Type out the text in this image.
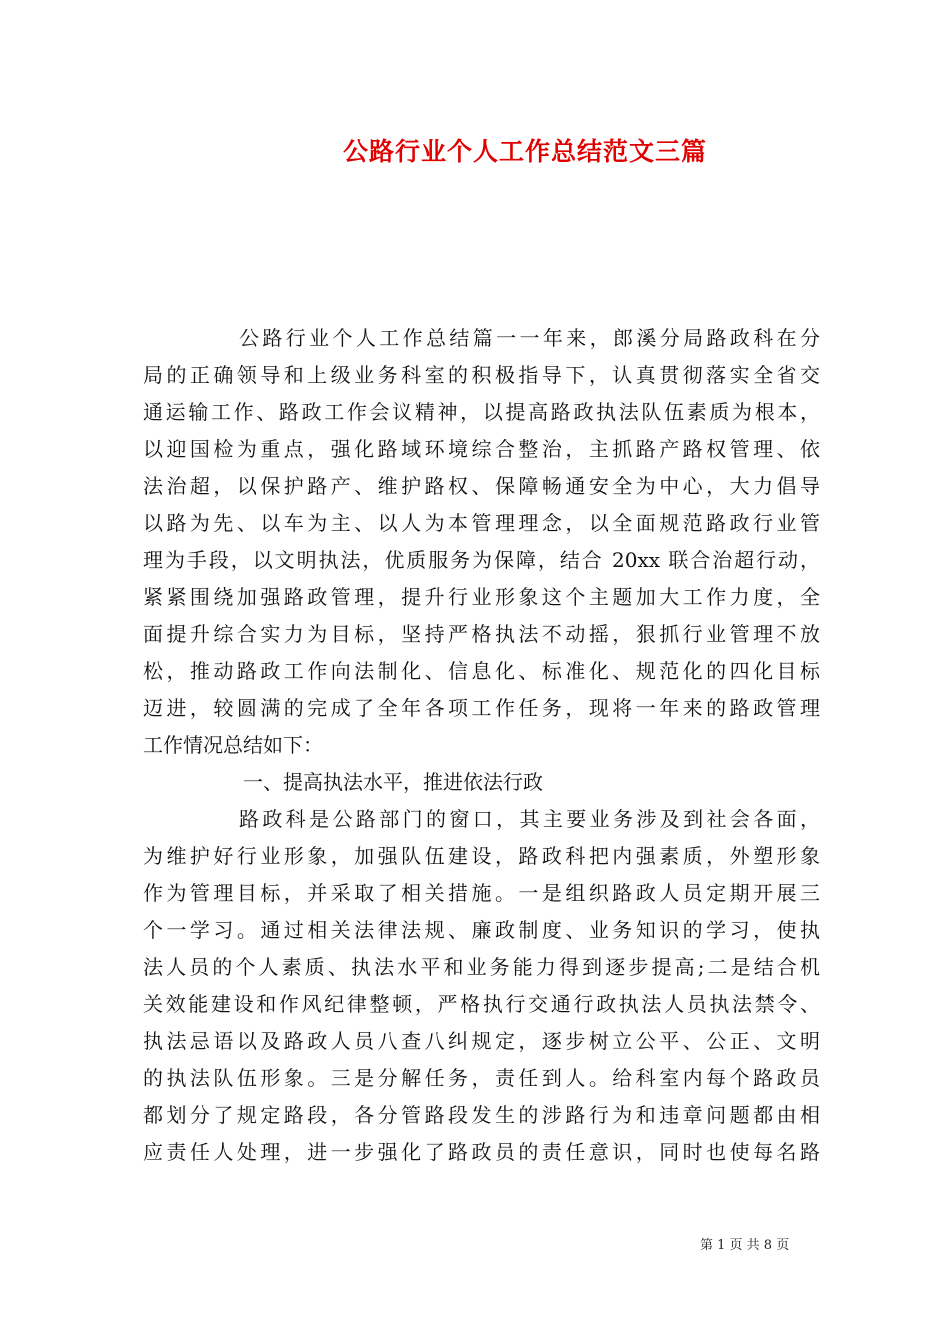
公路行业个人工作总结范文三篇
公路行业个人工作总结篇一一年来，郎溪分局路政科在分
局的正确领导和上级业务科室的积极指导下，认真贯彻落实全省交
通运输工作、路政工作会议精神，以提高路政执法队伍素质为根本，
以迎国检为重点，强化路域环境综合整治，主抓路产路权管理、依
法治超，以保护路产、维护路权、保障畅通安全为中心，大力倡导
以路为先、以车为主、以人为本管理理念，以全面规范路政行业管
理为手段，以文明执法，优质服务为保障，结合 20xx 联合治超行动，
紧紧围绕加强路政管理，提升行业形象这个主题加大工作力度，全
面提升综合实力为目标，坚持严格执法不动摇，狠抓行业管理不放
松，推动路政工作向法制化、信息化、标准化、规范化的四化目标
迈进，较圆满的完成了全年各项工作任务，现将一年来的路政管理
工作情况总结如下：
一、提高执法水平，推进依法行政
路政科是公路部门的窗口，其主要业务涉及到社会各面，
为维护好行业形象，加强队伍建设，路政科把内强素质，外塑形象
作为管理目标，并采取了相关措施。一是组织路政人员定期开展三
个一学习。通过相关法律法规、廉政制度、业务知识的学习，使执
法人员的个人素质、执法水平和业务能力得到逐步提高;二是结合机
关效能建设和作风纪律整顿，严格执行交通行政执法人员执法禁令、
执法忌语以及路政人员八查八纠规定，逐步树立公平、公正、文明
的执法队伍形象。三是分解任务，责任到人。给科室内每个路政员
都划分了规定路段，各分管路段发生的涉路行为和违章问题都由相
应责任人处理，进一步强化了路政员的责任意识，同时也使每名路
第 1 页 共 8 页
